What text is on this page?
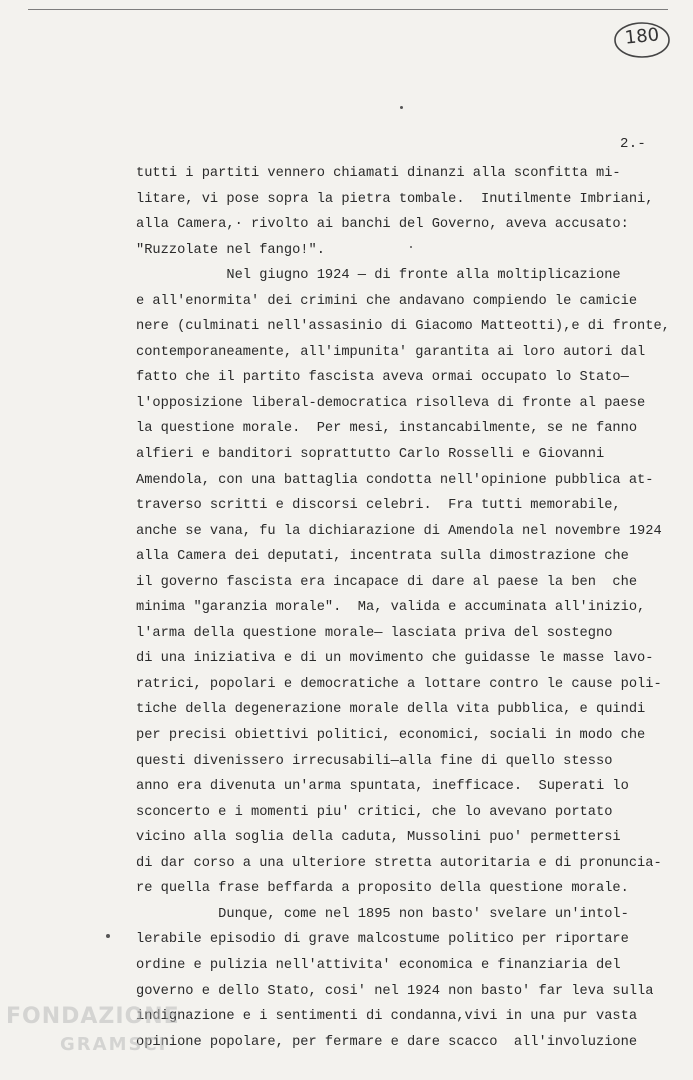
180
2.-
tutti i partiti vennero chiamati dinanzi alla sconfitta mi-
litare, vi pose sopra la pietra tombale.  Inutilmente Imbriani,
alla Camera,· rivolto ai banchi del Governo, aveva accusato:
"Ruzzolate nel fango!".
Nel giugno 1924 — di fronte alla moltiplicazione
e all'enormita' dei crimini che andavano compiendo le camicie
nere (culminati nell'assasinio di Giacomo Matteotti),e di fronte,
contemporaneamente, all'impunita' garantita ai loro autori dal
fatto che il partito fascista aveva ormai occupato lo Stato—
l'opposizione liberal-democratica risolleva di fronte al paese
la questione morale.  Per mesi, instancabilmente, se ne fanno
alfieri e banditori soprattutto Carlo Rosselli e Giovanni
Amendola, con una battaglia condotta nell'opinione pubblica at-
traverso scritti e discorsi celebri.  Fra tutti memorabile,
anche se vana, fu la dichiarazione di Amendola nel novembre 1924
alla Camera dei deputati, incentrata sulla dimostrazione che
il governo fascista era incapace di dare al paese la ben  che
minima "garanzia morale".  Ma, valida e accuminata all'inizio,
l'arma della questione morale— lasciata priva del sostegno
di una iniziativa e di un movimento che guidasse le masse lavo-
ratrici, popolari e democratiche a lottare contro le cause poli-
tiche della degenerazione morale della vita pubblica, e quindi
per precisi obiettivi politici, economici, sociali in modo che
questi divenissero irrecusabili—alla fine di quello stesso
anno era divenuta un'arma spuntata, inefficace.  Superati lo
sconcerto e i momenti piu' critici, che lo avevano portato
vicino alla soglia della caduta, Mussolini puo' permettersi
di dar corso a una ulteriore stretta autoritaria e di pronuncia-
re quella frase beffarda a proposito della questione morale.
Dunque, come nel 1895 non basto' svelare un'intol-
lerabile episodio di grave malcostume politico per riportare
ordine e pulizia nell'attivita' economica e finanziaria del
governo e dello Stato, cosi' nel 1924 non basto' far leva sulla
indignazione e i sentimenti di condanna,vivi in una pur vasta
opinione popolare, per fermare e dare scacco  all'involuzione
FONDAZIONE
GRAMSCI
